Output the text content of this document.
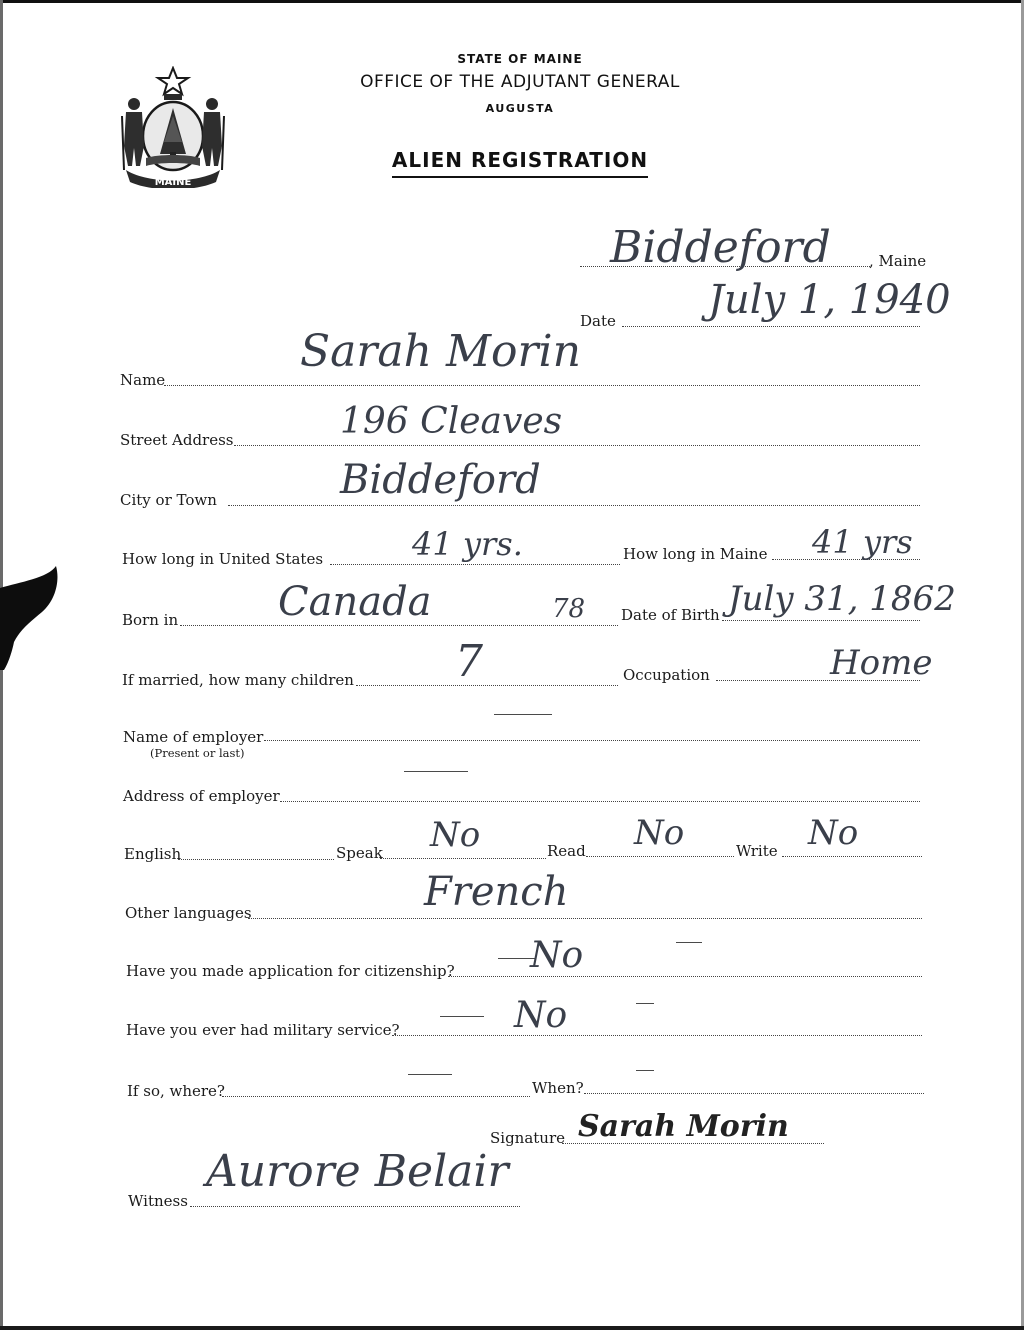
STATE OF MAINE
OFFICE OF THE ADJUTANT GENERAL
AUGUSTA
ALIEN REGISTRATION
MAINE
Biddeford	, Maine
Date July 1, 1940
Name
Sarah Morin
Street Address	196 Cleaves
City or Town	Biddeford
How long in United States	41 yrs.	How long in Maine 41 yrs
Born in Canada	78 Date of Birth July 31, 1862
If married, how many children 7	Occupation	Home
Name of employer
(Present or last)
Address of employer
English	Speak No	Read No	Write No
Other languages	French
Have you made application for citizenship? No
Have you ever had military service?	No
If so, where?	When?
Signature Sarah Morin
Witness
Aurore Belair
